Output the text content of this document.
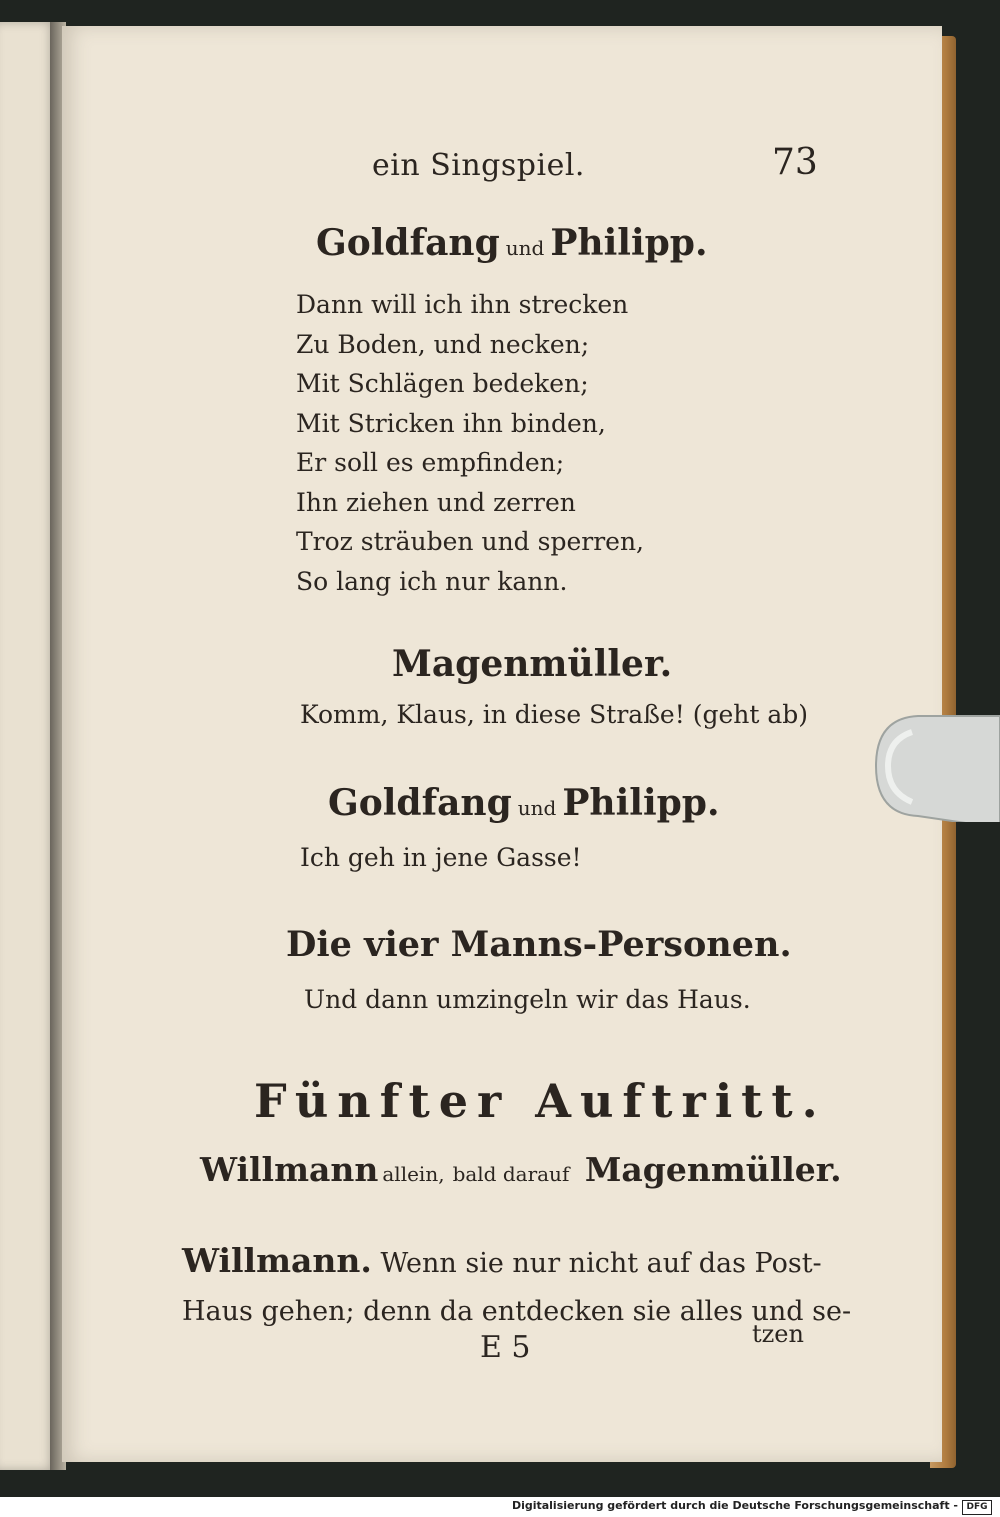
ein Singspiel.	73
Goldfang und Philipp.
Dann will ich ihn strecken
Zu Boden, und necken;
Mit Schlägen bedeken;
Mit Stricken ihn binden,
Er soll es empfinden;
Ihn ziehen und zerren
Troz sträuben und sperren,
So lang ich nur kann.
Magenmüller.
Komm, Klaus, in diese Straße! (geht ab)
Goldfang und Philipp.
Ich geh in jene Gasse!
Die vier Manns-Personen.
Und dann umzingeln wir das Haus.
Fünfter Auftritt.
Willmann allein, bald darauf Magenmüller.
Willmann. Wenn sie nur nicht auf das Post-
Haus gehen; denn da entdecken sie alles und se-
E 5	tzen
Digitalisierung gefördert durch die Deutsche Forschungsgemeinschaft - DFG
